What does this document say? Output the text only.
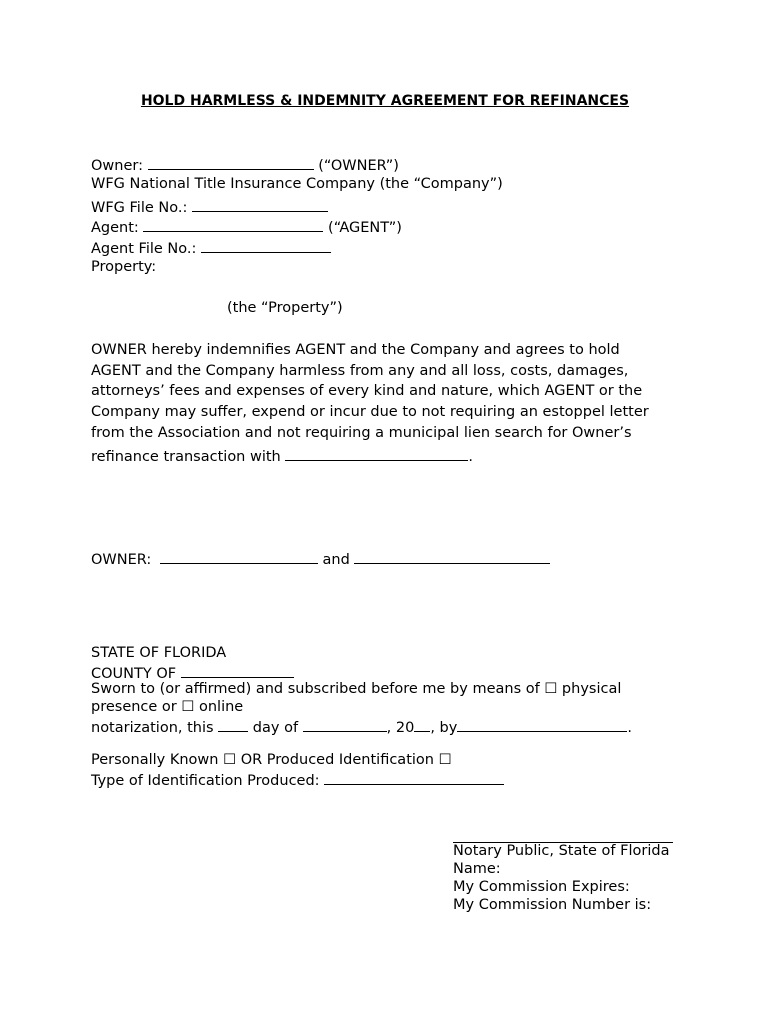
HOLD HARMLESS & INDEMNITY AGREEMENT FOR REFINANCES
Owner:	(“OWNER”)
WFG National Title Insurance Company (the “Company”)
WFG File No.:
Agent:	(“AGENT”)
Agent File No.:
Property:
(the “Property”)
OWNER hereby indemnifies AGENT and the Company and agrees to hold
AGENT and the Company harmless from any and all loss, costs, damages,
attorneys’ fees and expenses of every kind and nature, which AGENT or the
Company may suffer, expend or incur due to not requiring an estoppel letter
from the Association and not requiring a municipal lien search for Owner’s
refinance transaction with	.
OWNER:	and
STATE OF FLORIDA
COUNTY OF
Sworn to (or affirmed) and subscribed before me by means of ☐ physical
presence or ☐ online
notarization, this	day of	, 20 , by	.
Personally Known ☐ OR Produced Identification ☐
Type of Identification Produced:
Notary Public, State of Florida
Name:
My Commission Expires:
My Commission Number is:
